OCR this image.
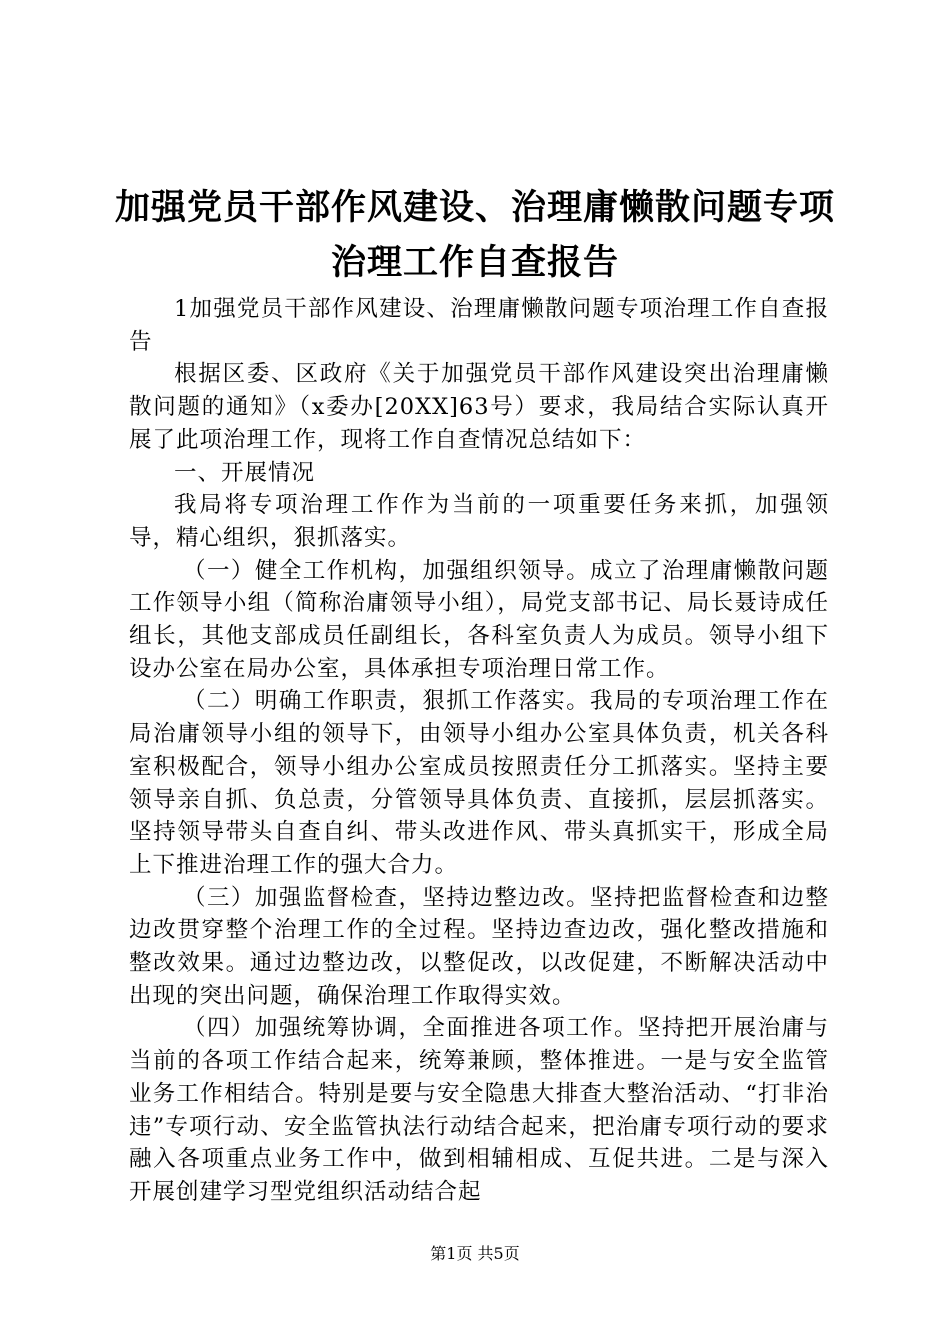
加强党员干部作风建设、治理庸懒散问题专项
治理工作自查报告

1加强党员干部作风建设、治理庸懒散问题专项治理工作自查报告

根据区委、区政府《关于加强党员干部作风建设突出治理庸懒散问题的通知》（x委办[20XX]63号）要求，我局结合实际认真开展了此项治理工作，现将工作自查情况总结如下：

一、开展情况

我局将专项治理工作作为当前的一项重要任务来抓，加强领导，精心组织，狠抓落实。

（一）健全工作机构，加强组织领导。成立了治理庸懒散问题工作领导小组（简称治庸领导小组），局党支部书记、局长聂诗成任组长，其他支部成员任副组长，各科室负责人为成员。领导小组下设办公室在局办公室，具体承担专项治理日常工作。

（二）明确工作职责，狠抓工作落实。我局的专项治理工作在局治庸领导小组的领导下，由领导小组办公室具体负责，机关各科室积极配合，领导小组办公室成员按照责任分工抓落实。坚持主要领导亲自抓、负总责，分管领导具体负责、直接抓，层层抓落实。坚持领导带头自查自纠、带头改进作风、带头真抓实干，形成全局上下推进治理工作的强大合力。

（三）加强监督检查，坚持边整边改。坚持把监督检查和边整边改贯穿整个治理工作的全过程。坚持边查边改，强化整改措施和整改效果。通过边整边改，以整促改，以改促建，不断解决活动中出现的突出问题，确保治理工作取得实效。

（四）加强统筹协调，全面推进各项工作。坚持把开展治庸与当前的各项工作结合起来，统筹兼顾，整体推进。一是与安全监管业务工作相结合。特别是要与安全隐患大排查大整治活动、“打非治违”专项行动、安全监管执法行动结合起来，把治庸专项行动的要求融入各项重点业务工作中，做到相辅相成、互促共进。二是与深入开展创建学习型党组织活动结合起

第1页 共5页
